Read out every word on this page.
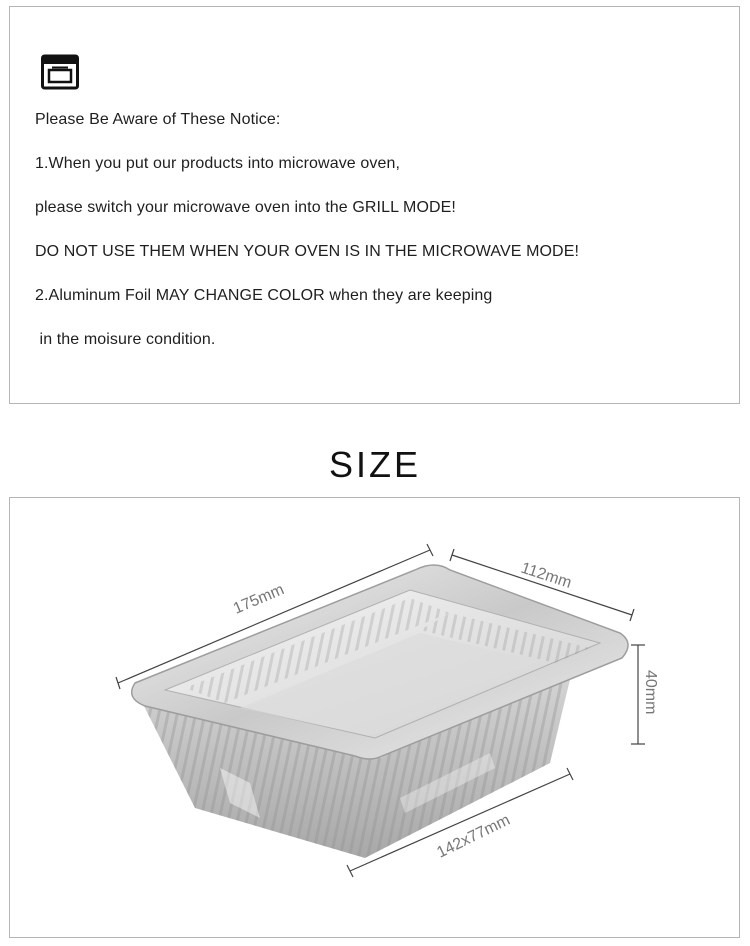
Please Be Aware of These Notice:
1.When you put our products into microwave oven,
please switch your microwave oven into the GRILL MODE!
DO NOT USE THEM WHEN YOUR OVEN IS IN THE MICROWAVE MODE!
2.Aluminum Foil MAY CHANGE COLOR when they are keeping
in the moisure condition.
SIZE
175mm
112mm
40mm
142x77mm
